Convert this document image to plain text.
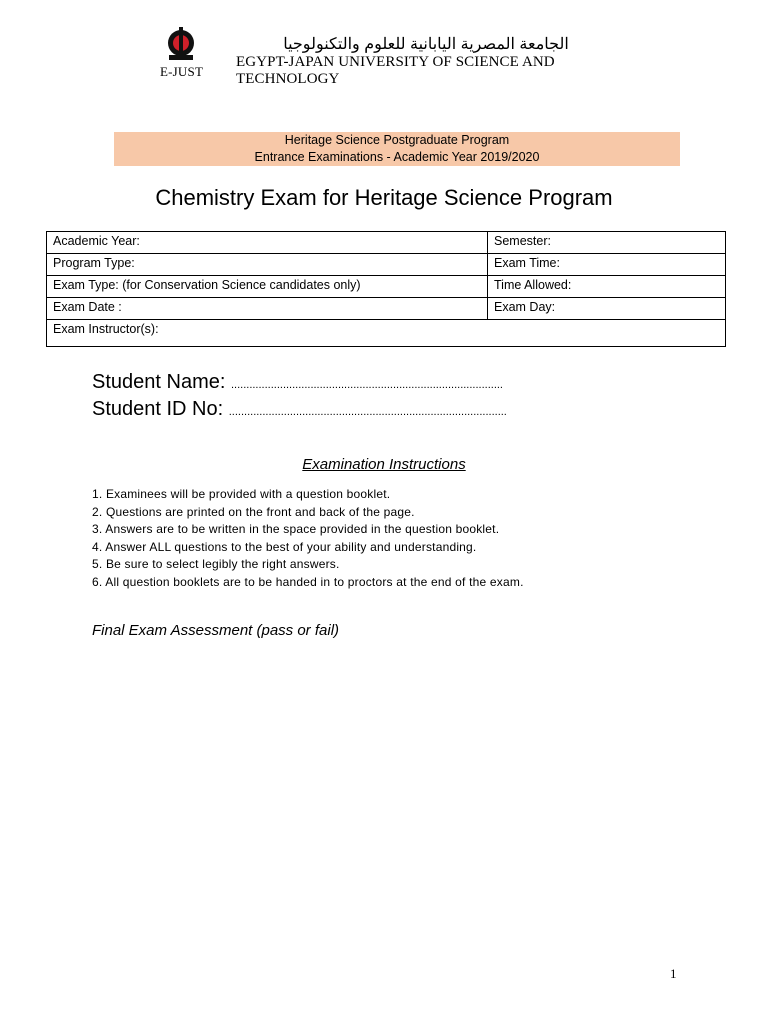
E-JUST
الجامعة المصرية اليابانية للعلوم والتكنولوجيا
EGYPT-JAPAN UNIVERSITY OF SCIENCE AND TECHNOLOGY
Heritage Science Postgraduate Program
Entrance Examinations - Academic Year 2019/2020
Chemistry Exam for Heritage Science Program
Academic Year:	Semester:
Program Type:	Exam Time:
Exam Type: (for Conservation Science candidates only)	Time Allowed:
Exam Date :	Exam Day:
Exam Instructor(s):	
Student Name: .........................................................................................
Student ID No: ...........................................................................................
Examination Instructions
1. Examinees will be provided with a question booklet.
2. Questions are printed on the front and back of the page.
3. Answers are to be written in the space provided in the question booklet.
4. Answer ALL questions to the best of your ability and understanding.
5. Be sure to select legibly the right answers.
6. All question booklets are to be handed in to proctors at the end of the exam.
Final Exam Assessment (pass or fail)
1
